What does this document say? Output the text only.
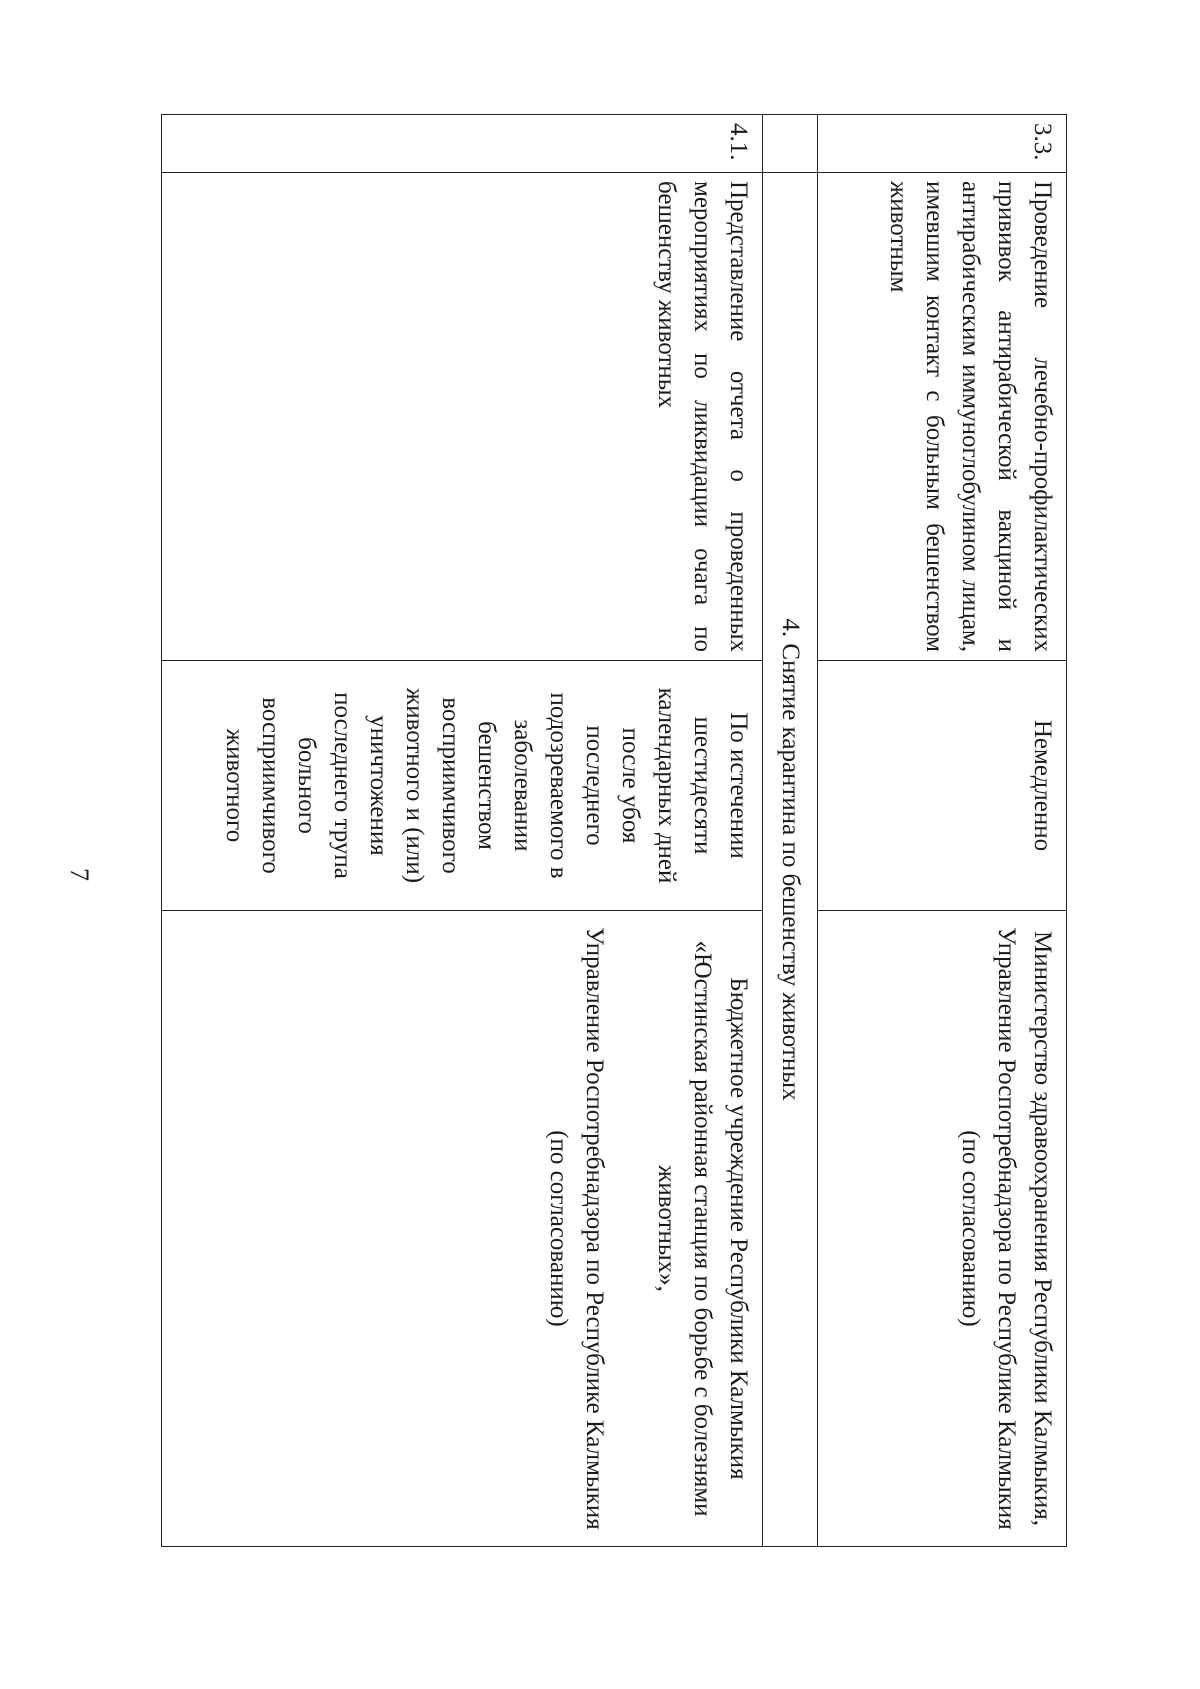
7
3.3.	Проведение лечебно-профилактических прививок антирабической вакциной и антирабическим иммуноглобулином лицам, имевшим контакт с больным бешенством животным	Немедленно	Министерство здравоохранения Республики Калмыкия, Управление Роспотребнадзора по Республике Калмыкия (по согласованию)
	4. Снятие карантина по бешенству животных		
4.1.	Представление отчета о проведенных мероприятиях по ликвидации очага по бешенству животных	По истечении шестидесяти календарных дней после убоя последнего подозреваемого в заболевании бешенством восприимчивого животного и (или) уничтожения последнего трупа больного восприимчивого животного	Бюджетное учреждение Республики Калмыкия «Юстинская районная станция по борьбе с болезнями животных»,
Управление Роспотребнадзора по Республике Калмыкия (по согласованию)
